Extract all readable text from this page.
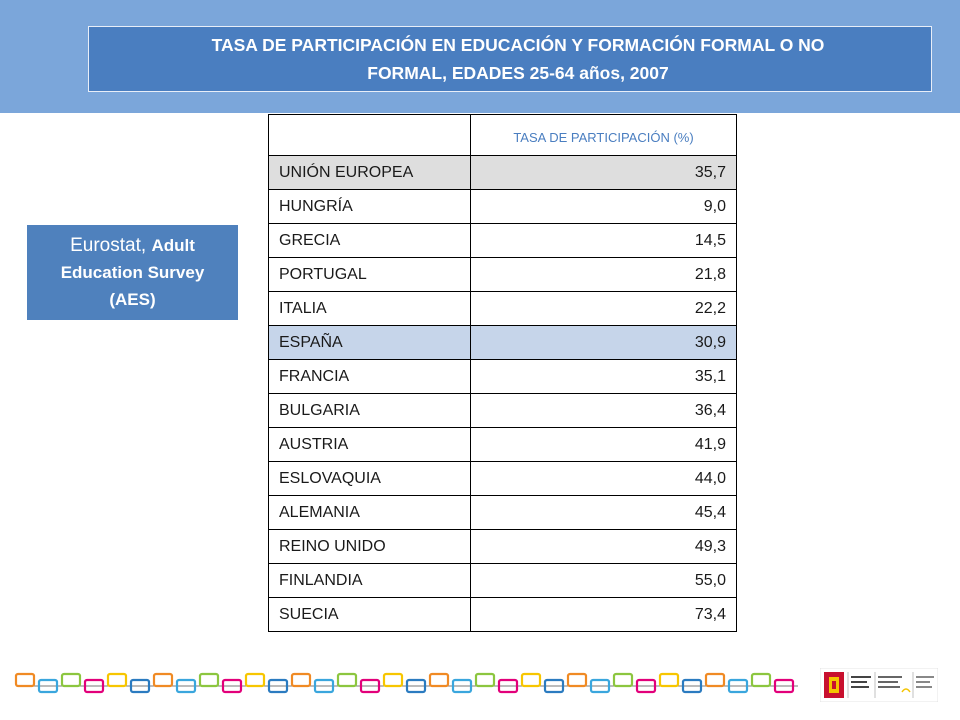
TASA DE PARTICIPACIÓN EN EDUCACIÓN Y FORMACIÓN FORMAL O NO
FORMAL, EDADES 25-64 años, 2007
Eurostat, Adult
Education Survey
(AES)
	TASA DE PARTICIPACIÓN (%)
UNIÓN EUROPEA	35,7
HUNGRÍA	9,0
GRECIA	14,5
PORTUGAL	21,8
ITALIA	22,2
ESPAÑA	30,9
FRANCIA	35,1
BULGARIA	36,4
AUSTRIA	41,9
ESLOVAQUIA	44,0
ALEMANIA	45,4
REINO UNIDO	49,3
FINLANDIA	55,0
SUECIA	73,4
